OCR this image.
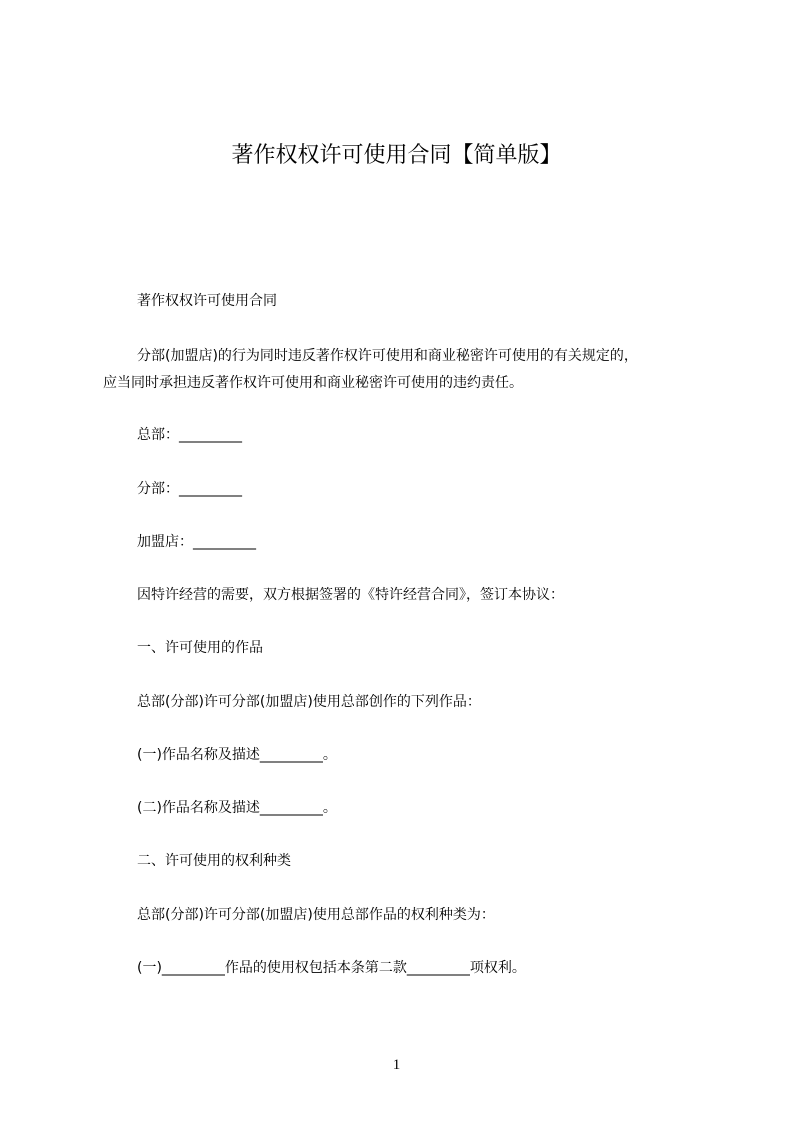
著作权权许可使用合同【简单版】

著作权权许可使用合同

分部(加盟店)的行为同时违反著作权许可使用和商业秘密许可使用的有关规定的，

应当同时承担违反著作权许可使用和商业秘密许可使用的违约责任。

总部：_________

分部：_________

加盟店：_________

因特许经营的需要，双方根据签署的《特许经营合同》，签订本协议：

一、许可使用的作品

总部(分部)许可分部(加盟店)使用总部创作的下列作品：

(一)作品名称及描述_________。

(二)作品名称及描述_________。

二、许可使用的权利种类

总部(分部)许可分部(加盟店)使用总部作品的权利种类为：

(一)_________作品的使用权包括本条第二款_________项权利。

1
